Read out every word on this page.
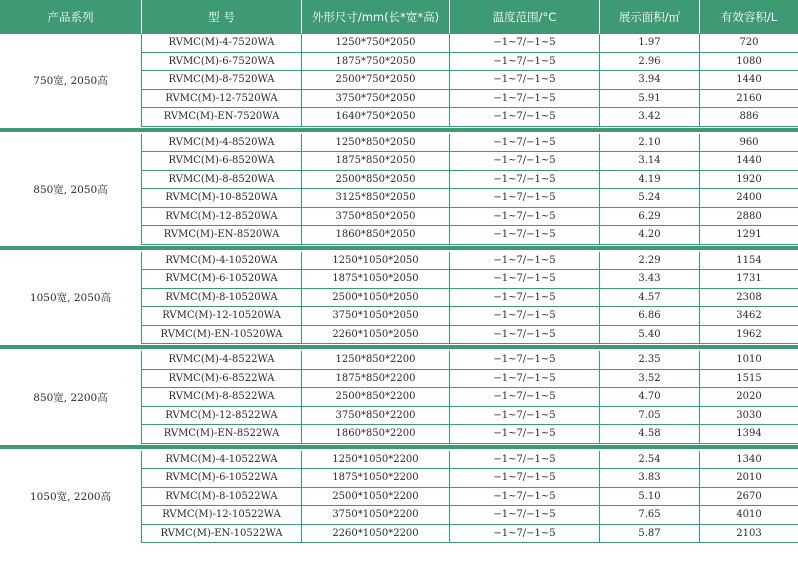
产品系列	型 号	外形尺寸/mm(长*宽*高)	温度范围/°C	展示面积/㎡	有效容积/L
750宽, 2050高
RVMC(M)-4-7520WA	1250*750*2050	−1~7/−1~5	1.97	720
RVMC(M)-6-7520WA	1875*750*2050	−1~7/−1~5	2.96	1080
RVMC(M)-8-7520WA	2500*750*2050	−1~7/−1~5	3.94	1440
RVMC(M)-12-7520WA	3750*750*2050	−1~7/−1~5	5.91	2160
RVMC(M)-EN-7520WA	1640*750*2050	−1~7/−1~5	3.42	886
850宽, 2050高
RVMC(M)-4-8520WA	1250*850*2050	−1~7/−1~5	2.10	960
RVMC(M)-6-8520WA	1875*850*2050	−1~7/−1~5	3.14	1440
RVMC(M)-8-8520WA	2500*850*2050	−1~7/−1~5	4.19	1920
RVMC(M)-10-8520WA	3125*850*2050	−1~7/−1~5	5.24	2400
RVMC(M)-12-8520WA	3750*850*2050	−1~7/−1~5	6.29	2880
RVMC(M)-EN-8520WA	1860*850*2050	−1~7/−1~5	4.20	1291
1050宽, 2050高
RVMC(M)-4-10520WA	1250*1050*2050	−1~7/−1~5	2.29	1154
RVMC(M)-6-10520WA	1875*1050*2050	−1~7/−1~5	3.43	1731
RVMC(M)-8-10520WA	2500*1050*2050	−1~7/−1~5	4.57	2308
RVMC(M)-12-10520WA	3750*1050*2050	−1~7/−1~5	6.86	3462
RVMC(M)-EN-10520WA	2260*1050*2050	−1~7/−1~5	5.40	1962
850宽, 2200高
RVMC(M)-4-8522WA	1250*850*2200	−1~7/−1~5	2.35	1010
RVMC(M)-6-8522WA	1875*850*2200	−1~7/−1~5	3.52	1515
RVMC(M)-8-8522WA	2500*850*2200	−1~7/−1~5	4.70	2020
RVMC(M)-12-8522WA	3750*850*2200	−1~7/−1~5	7.05	3030
RVMC(M)-EN-8522WA	1860*850*2200	−1~7/−1~5	4.58	1394
1050宽, 2200高
RVMC(M)-4-10522WA	1250*1050*2200	−1~7/−1~5	2.54	1340
RVMC(M)-6-10522WA	1875*1050*2200	−1~7/−1~5	3.83	2010
RVMC(M)-8-10522WA	2500*1050*2200	−1~7/−1~5	5.10	2670
RVMC(M)-12-10522WA	3750*1050*2200	−1~7/−1~5	7.65	4010
RVMC(M)-EN-10522WA	2260*1050*2200	−1~7/−1~5	5.87	2103
